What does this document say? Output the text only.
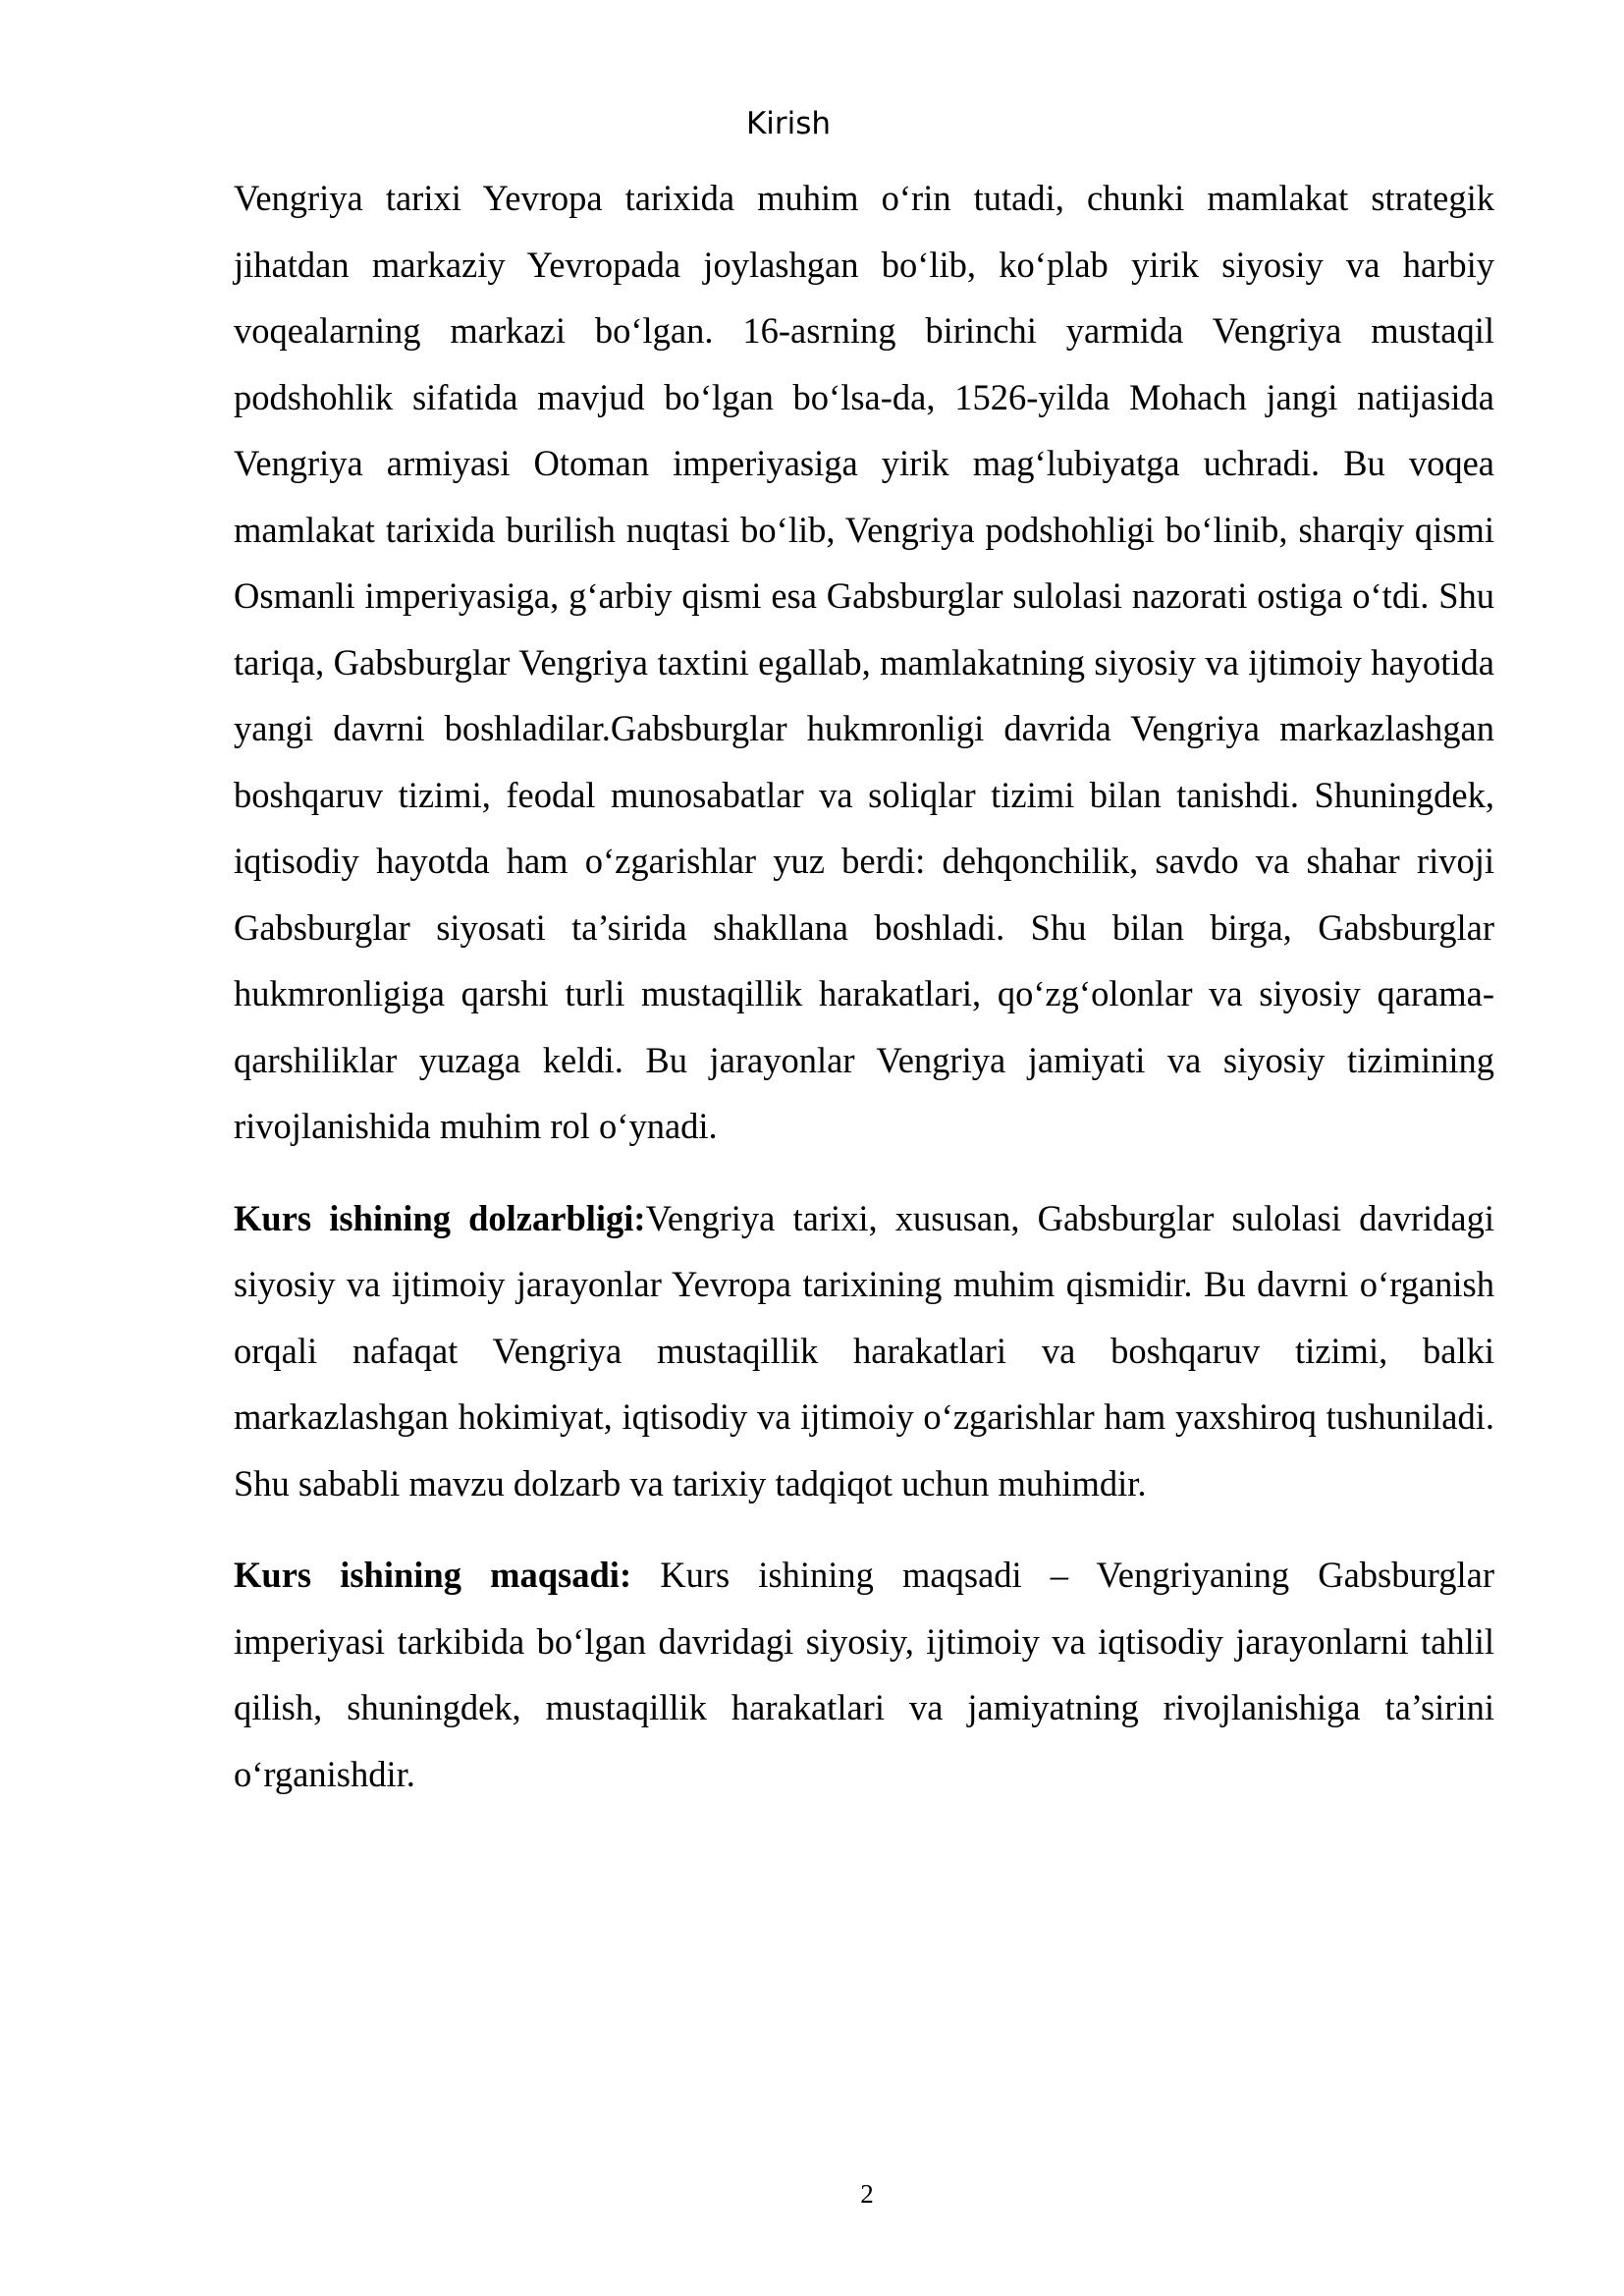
Kirish

Vengriya tarixi Yevropa tarixida muhim o‘rin tutadi, chunki mamlakat strategik jihatdan markaziy Yevropada joylashgan bo‘lib, ko‘plab yirik siyosiy va harbiy voqealarning markazi bo‘lgan. 16-asrning birinchi yarmida Vengriya mustaqil podshohlik sifatida mavjud bo‘lgan bo‘lsa-da, 1526-yilda Mohach jangi natijasida Vengriya armiyasi Otoman imperiyasiga yirik mag‘lubiyatga uchradi. Bu voqea mamlakat tarixida burilish nuqtasi bo‘lib, Vengriya podshohligi bo‘linib, sharqiy qismi Osmanli imperiyasiga, g‘arbiy qismi esa Gabsburglar sulolasi nazorati ostiga o‘tdi. Shu tariqa, Gabsburglar Vengriya taxtini egallab, mamlakatning siyosiy va ijtimoiy hayotida yangi davrni boshladilar.Gabsburglar hukmronligi davrida Vengriya markazlashgan boshqaruv tizimi, feodal munosabatlar va soliqlar tizimi bilan tanishdi. Shuningdek, iqtisodiy hayotda ham o‘zgarishlar yuz berdi: dehqonchilik, savdo va shahar rivoji Gabsburglar siyosati ta’sirida shakllana boshladi. Shu bilan birga, Gabsburglar hukmronligiga qarshi turli mustaqillik harakatlari, qo‘zg‘olonlar va siyosiy qarama-qarshiliklar yuzaga keldi. Bu jarayonlar Vengriya jamiyati va siyosiy tizimining rivojlanishida muhim rol o‘ynadi.

Kurs ishining dolzarbligi:Vengriya tarixi, xususan, Gabsburglar sulolasi davridagi siyosiy va ijtimoiy jarayonlar Yevropa tarixining muhim qismidir. Bu davrni o‘rganish orqali nafaqat Vengriya mustaqillik harakatlari va boshqaruv tizimi, balki markazlashgan hokimiyat, iqtisodiy va ijtimoiy o‘zgarishlar ham yaxshiroq tushuniladi. Shu sababli mavzu dolzarb va tarixiy tadqiqot uchun muhimdir.

Kurs ishining maqsadi: Kurs ishining maqsadi – Vengriyaning Gabsburglar imperiyasi tarkibida bo‘lgan davridagi siyosiy, ijtimoiy va iqtisodiy jarayonlarni tahlil qilish, shuningdek, mustaqillik harakatlari va jamiyatning rivojlanishiga ta’sirini o‘rganishdir.

2
